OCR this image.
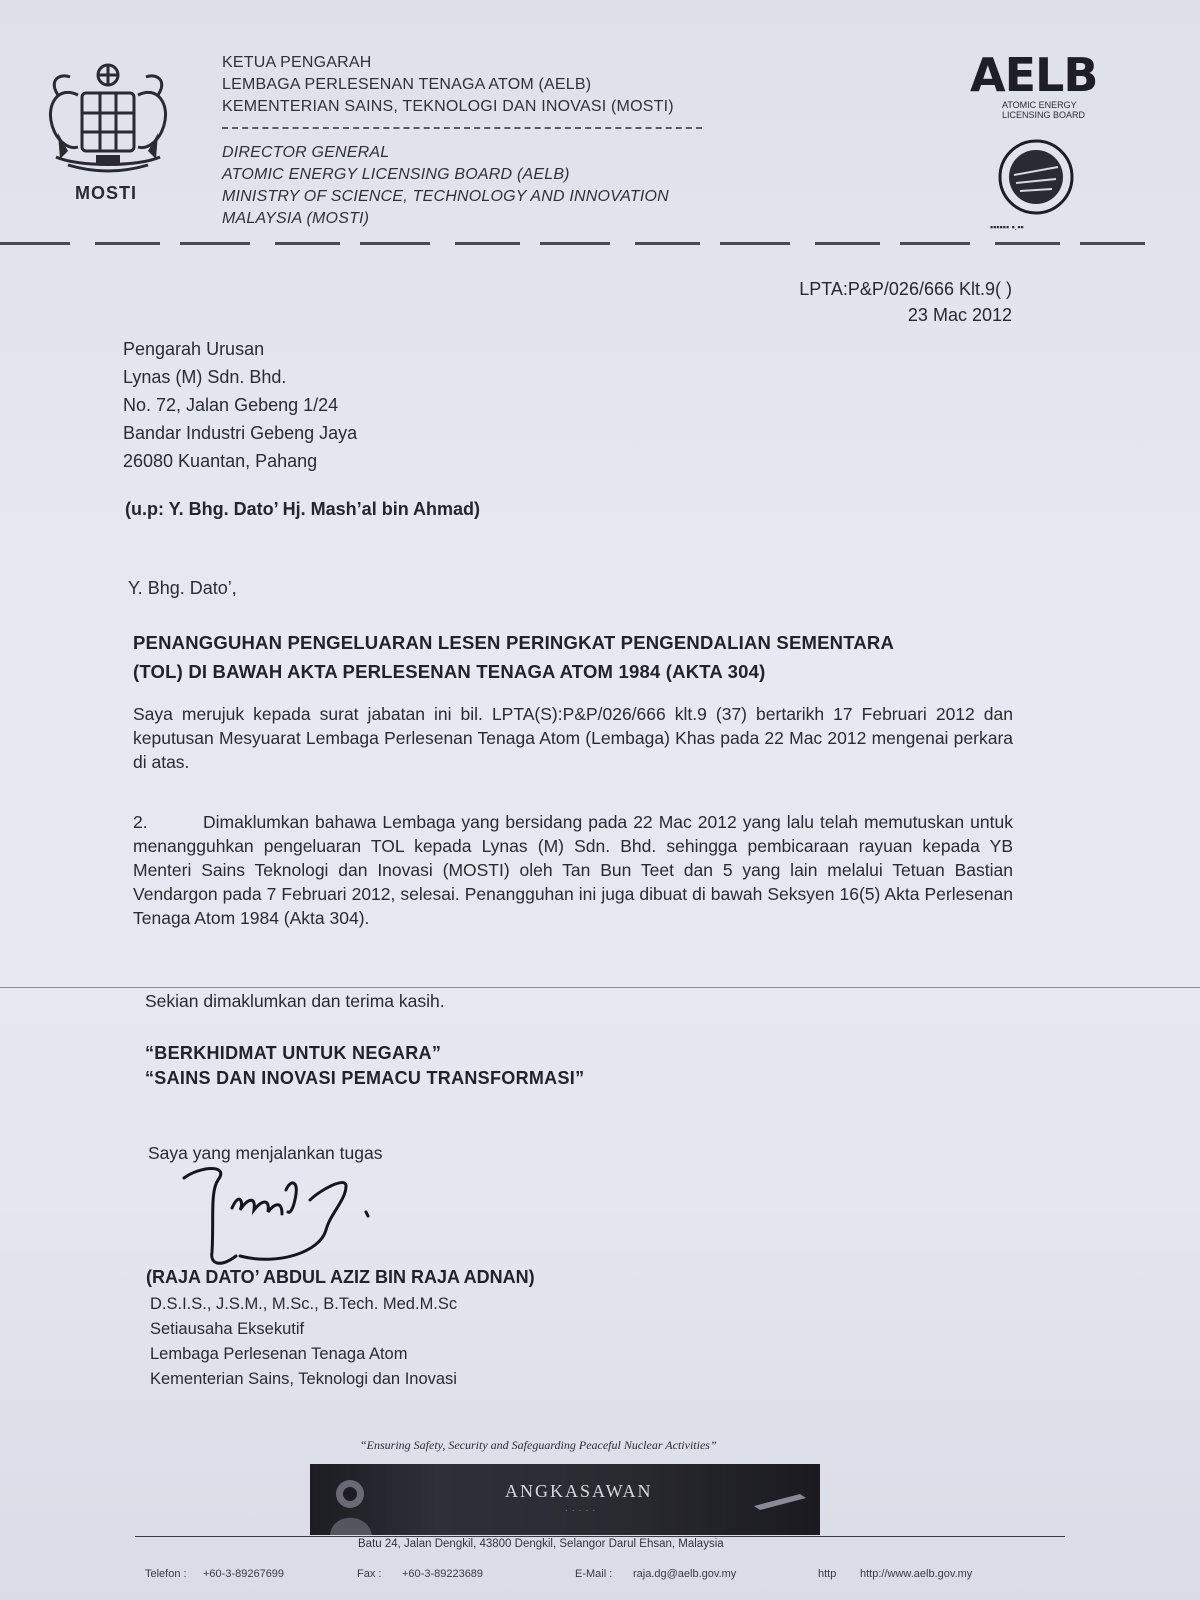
MOSTI
KETUA PENGARAH
LEMBAGA PERLESENAN TENAGA ATOM (AELB)
KEMENTERIAN SAINS, TEKNOLOGI DAN INOVASI (MOSTI)
DIRECTOR GENERAL
ATOMIC ENERGY LICENSING BOARD (AELB)
MINISTRY OF SCIENCE, TECHNOLOGY AND INNOVATION
MALAYSIA (MOSTI)
AELB
ATOMIC ENERGY
LICENSING BOARD
▪▪▪▪▪▪ ▪.▪▪
LPTA:P&P/026/666 Klt.9( )
23 Mac 2012
Pengarah Urusan
Lynas (M) Sdn. Bhd.
No. 72, Jalan Gebeng 1/24
Bandar Industri Gebeng Jaya
26080 Kuantan, Pahang
(u.p: Y. Bhg. Dato’ Hj. Mash’al bin Ahmad)
Y. Bhg. Dato’,
PENANGGUHAN PENGELUARAN LESEN PERINGKAT PENGENDALIAN SEMENTARA
(TOL) DI BAWAH AKTA PERLESENAN TENAGA ATOM 1984 (AKTA 304)
Saya merujuk kepada surat jabatan ini bil. LPTA(S):P&P/026/666 klt.9 (37) bertarikh 17 Februari 2012 dan keputusan Mesyuarat Lembaga Perlesenan Tenaga Atom (Lembaga) Khas pada 22 Mac 2012 mengenai perkara di atas.
2.	Dimaklumkan bahawa Lembaga yang bersidang pada 22 Mac 2012 yang lalu telah memutuskan untuk menangguhkan pengeluaran TOL kepada Lynas (M) Sdn. Bhd. sehingga pembicaraan rayuan kepada YB Menteri Sains Teknologi dan Inovasi (MOSTI) oleh Tan Bun Teet dan 5 yang lain melalui Tetuan Bastian Vendargon pada 7 Februari 2012, selesai. Penangguhan ini juga dibuat di bawah Seksyen 16(5) Akta Perlesenan Tenaga Atom 1984 (Akta 304).
Sekian dimaklumkan dan terima kasih.
“BERKHIDMAT UNTUK NEGARA”
“SAINS DAN INOVASI PEMACU TRANSFORMASI”
Saya yang menjalankan tugas
(RAJA DATO’ ABDUL AZIZ BIN RAJA ADNAN)
D.S.I.S., J.S.M., M.Sc., B.Tech. Med.M.Sc
Setiausaha Eksekutif
Lembaga Perlesenan Tenaga Atom
Kementerian Sains, Teknologi dan Inovasi
“Ensuring Safety, Security and Safeguarding Peaceful Nuclear Activities”
ANGKASAWAN
· · · · ·
Batu 24, Jalan Dengkil, 43800 Dengkil, Selangor Darul Ehsan, Malaysia
Telefon : +60-3-89267699	Fax : +60-3-89223689	E-Mail : raja.dg@aelb.gov.my	http http://www.aelb.gov.my
